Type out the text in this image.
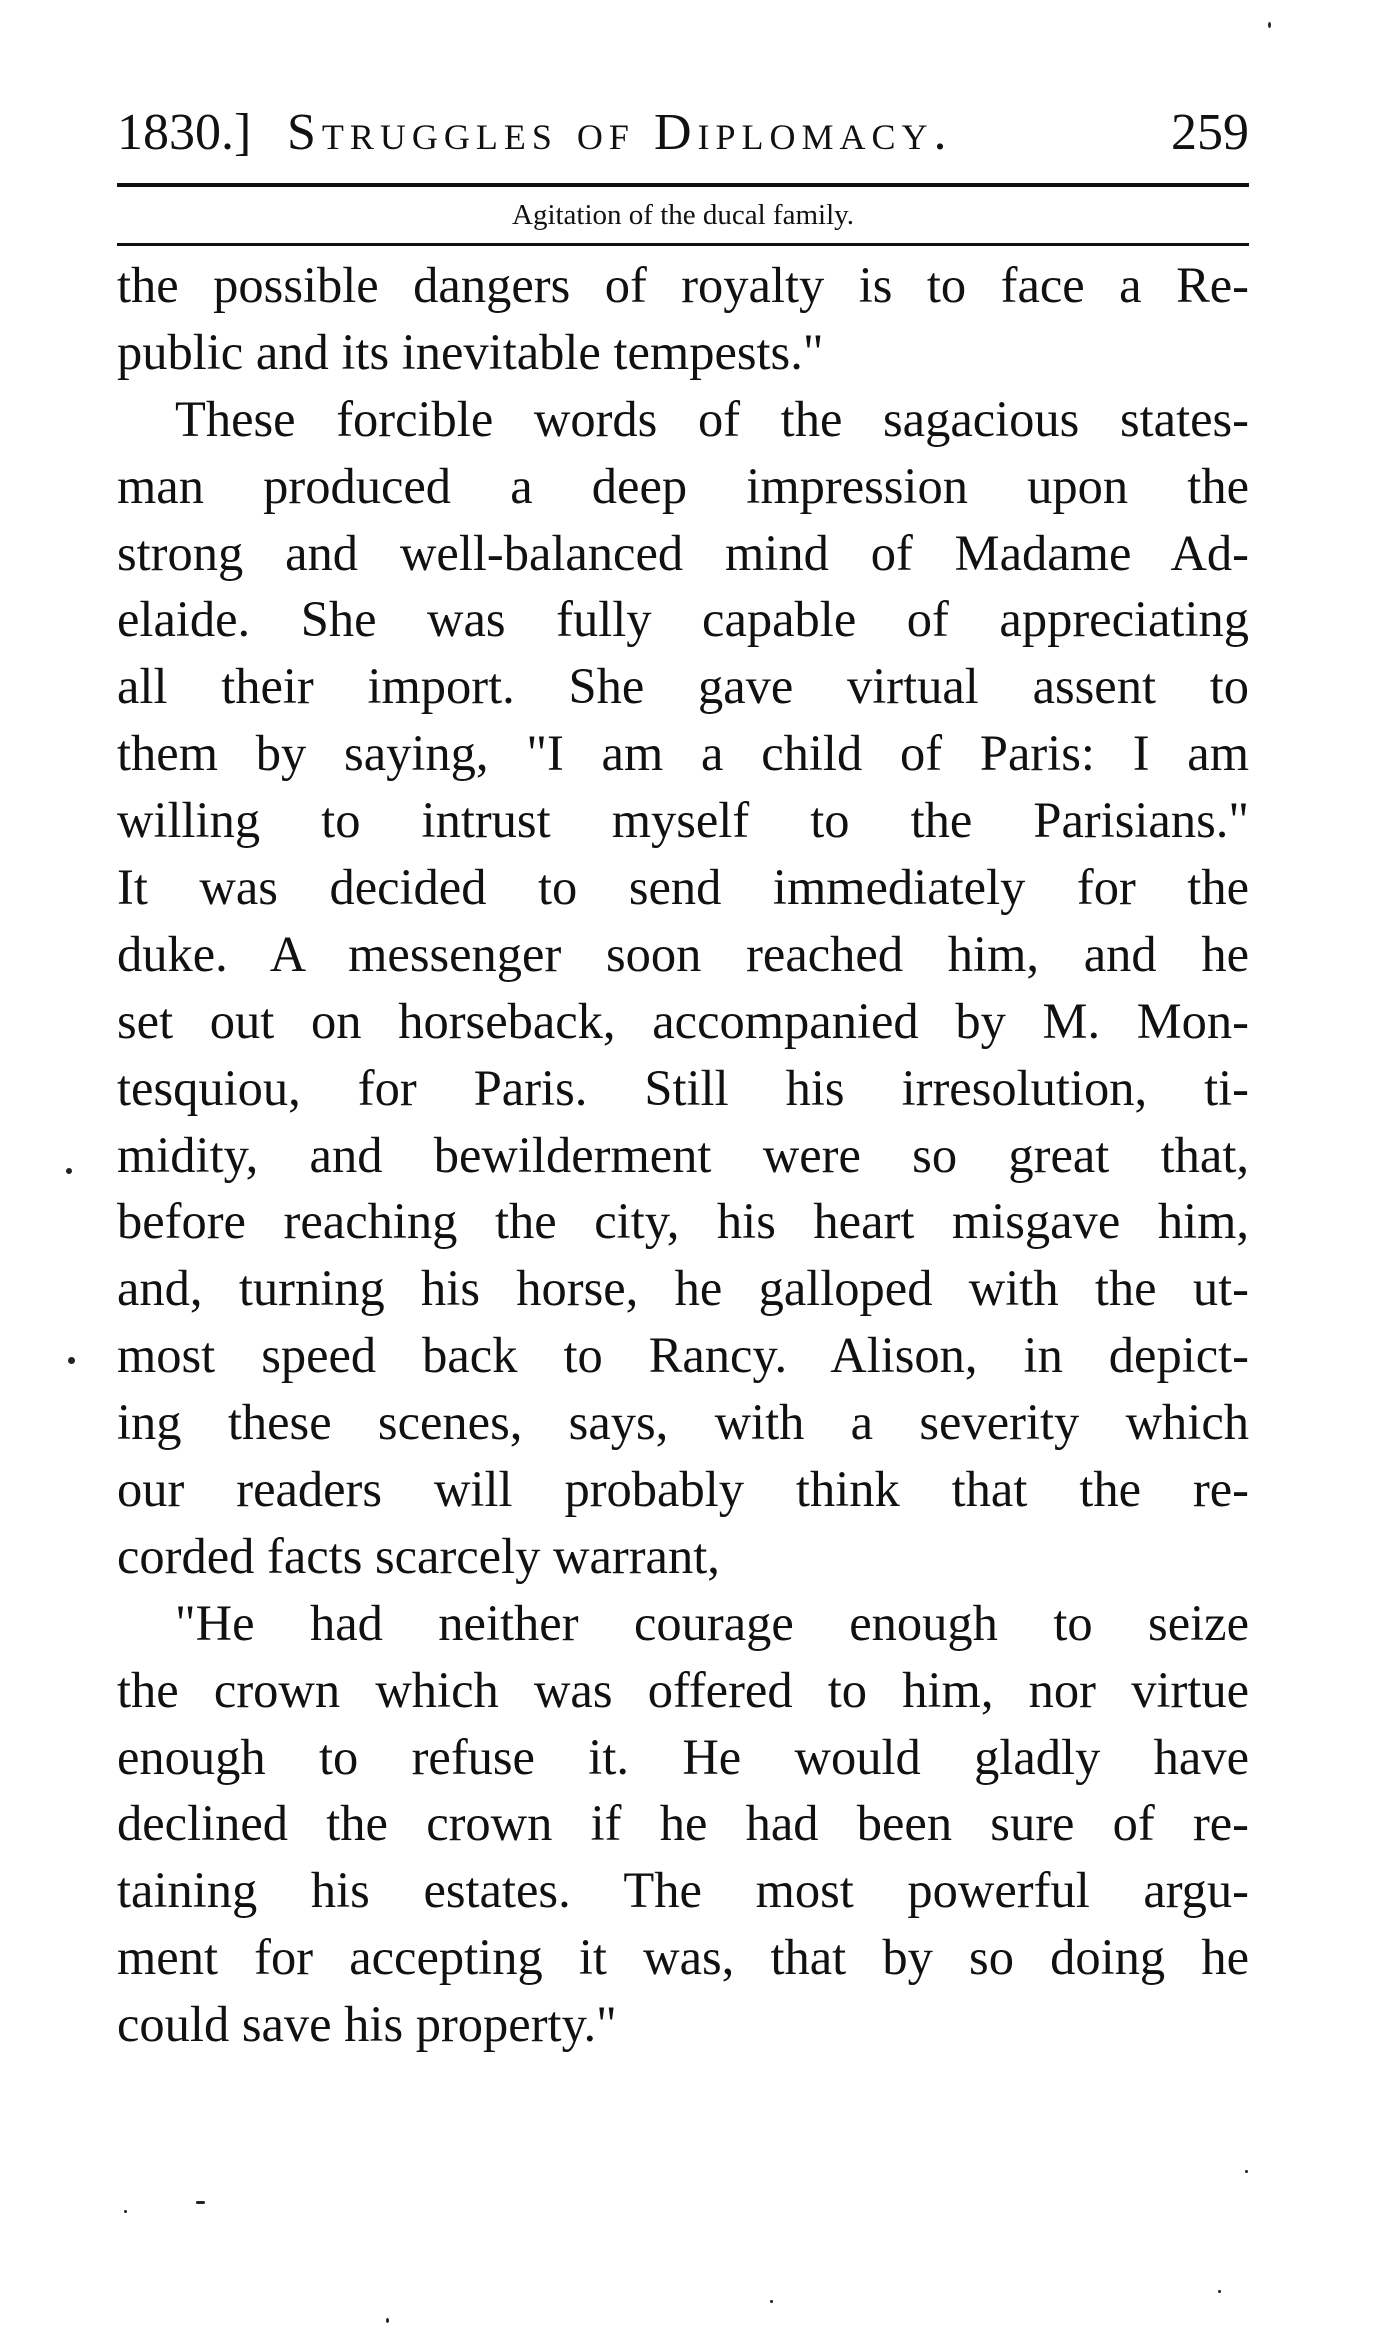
1830.] Struggles of Diplomacy.	259
Agitation of the ducal family.
the possible dangers of royalty is to face a Re-
public and its inevitable tempests."
These forcible words of the sagacious states-
man produced a deep impression upon the
strong and well-balanced mind of Madame Ad-
elaide. She was fully capable of appreciating
all their import. She gave virtual assent to
them by saying, "I am a child of Paris: I am
willing to intrust myself to the Parisians."
It was decided to send immediately for the
duke. A messenger soon reached him, and he
set out on horseback, accompanied by M. Mon-
tesquiou, for Paris. Still his irresolution, ti-
midity, and bewilderment were so great that,
before reaching the city, his heart misgave him,
and, turning his horse, he galloped with the ut-
most speed back to Rancy. Alison, in depict-
ing these scenes, says, with a severity which
our readers will probably think that the re-
corded facts scarcely warrant,
"He had neither courage enough to seize
the crown which was offered to him, nor virtue
enough to refuse it. He would gladly have
declined the crown if he had been sure of re-
taining his estates. The most powerful argu-
ment for accepting it was, that by so doing he
could save his property."
